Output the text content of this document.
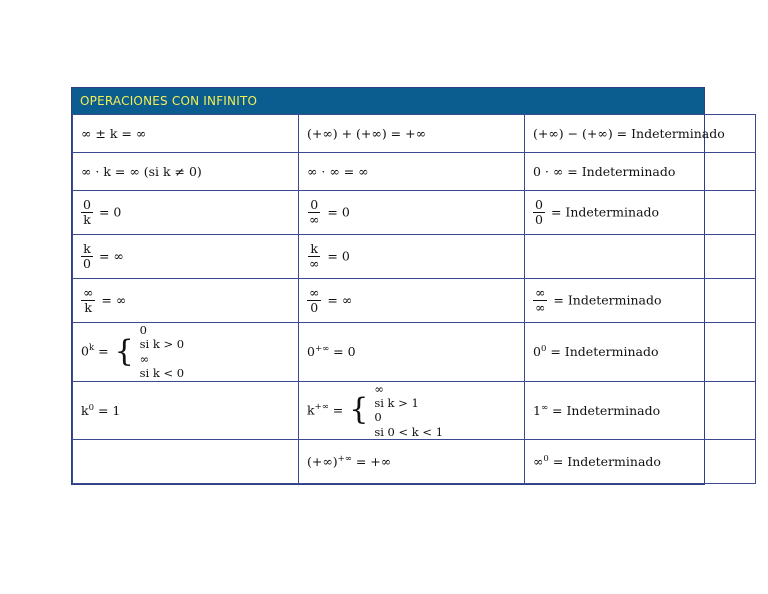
OPERACIONES CON INFINITO
∞ ± k = ∞	(+∞) + (+∞) = +∞	(+∞) − (+∞) = Indeterminado
∞ · k = ∞ (si k ≠ 0)	∞ · ∞ = ∞	0 · ∞ = Indeterminado

$\frac{0}{k} = 0$	$\frac{0}{\infty} = 0$	$\frac{0}{0}$ = Indeterminado

$\frac{k}{0}$ = ∞	$\frac{k}{\infty} = 0$	

$\frac{\infty}{k}$ = ∞	$\frac{\infty}{0}$ = ∞	$\frac{\infty}{\infty}$ = Indeterminado
$0^k$ = {
0
si k > 0
∞
si k < 0	0+∞ = 0	$0^0$ = Indeterminado
$k^0 = 1$	k+∞ = {
∞
si k > 1
0
si 0 < k < 1	1∞ = Indeterminado
	(+∞)+∞ = +∞	∞$^0$ = Indeterminado
